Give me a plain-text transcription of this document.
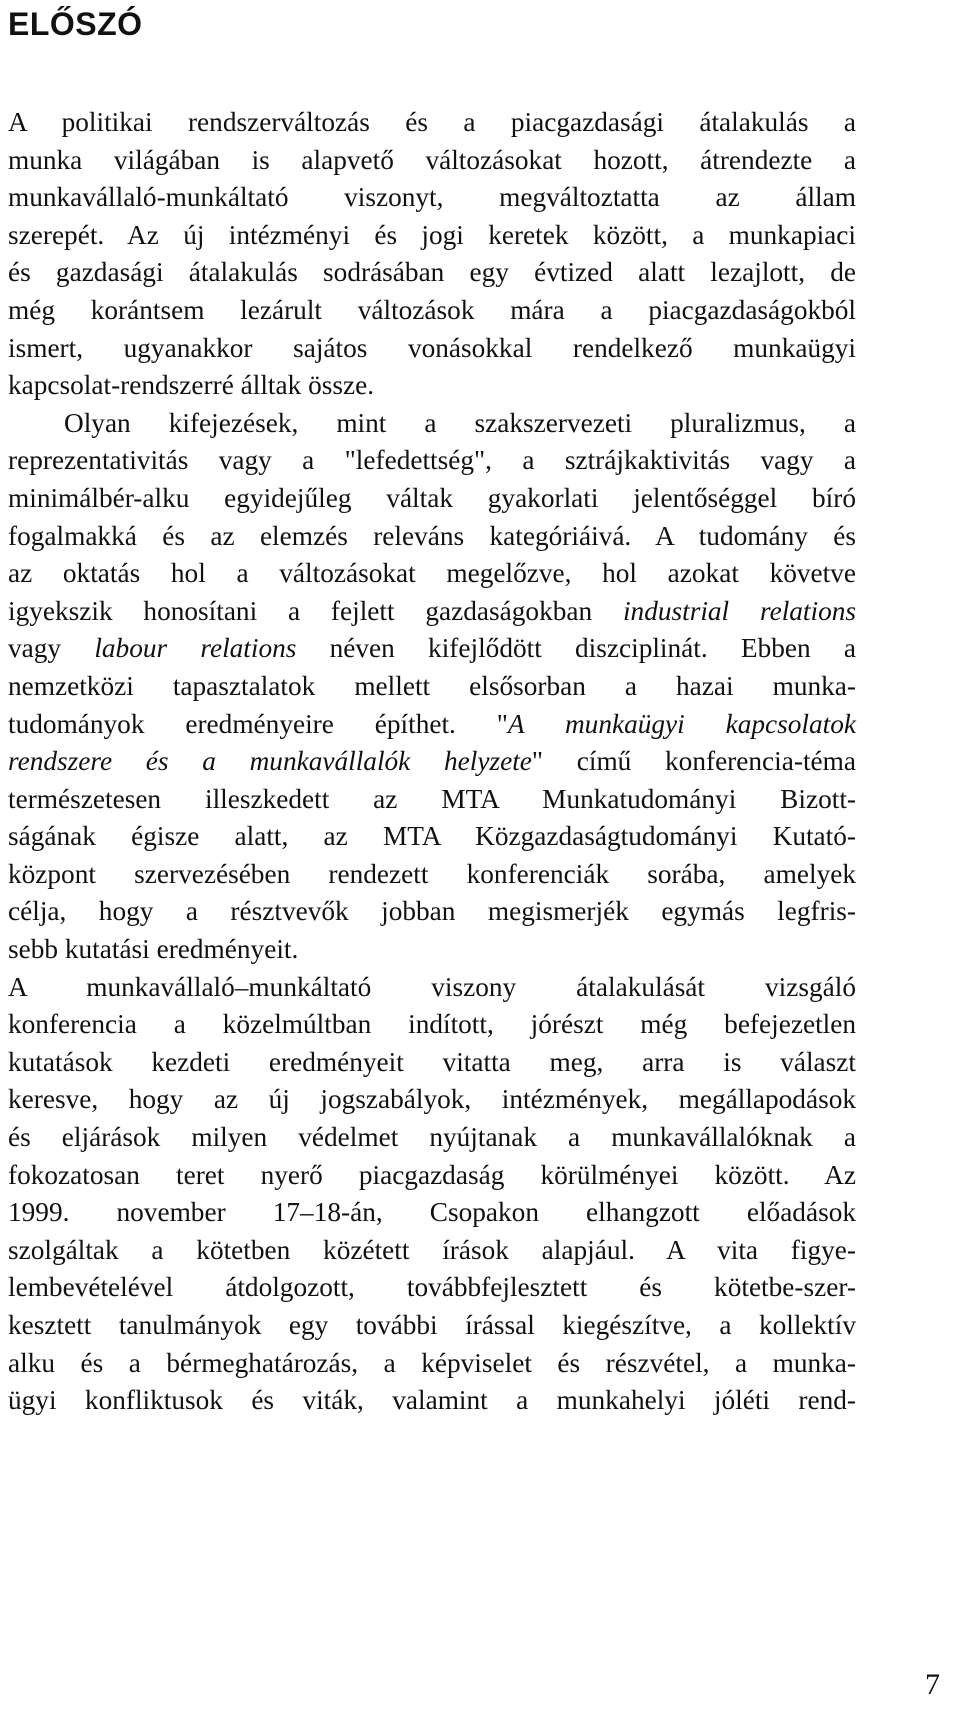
ELŐSZÓ
A politikai rendszerváltozás és a piacgazdasági átalakulás a
munka világában is alapvető változásokat hozott, átrendezte a
munkavállaló-munkáltató viszonyt, megváltoztatta az állam
szerepét. Az új intézményi és jogi keretek között, a munkapiaci
és gazdasági átalakulás sodrásában egy évtized alatt lezajlott, de
még korántsem lezárult változások mára a piacgazdaságokból
ismert, ugyanakkor sajátos vonásokkal rendelkező munkaügyi
kapcsolat-rendszerré álltak össze.
Olyan kifejezések, mint a szakszervezeti pluralizmus, a
reprezentativitás vagy a "lefedettség", a sztrájkaktivitás vagy a
minimálbér-alku egyidejűleg váltak gyakorlati jelentőséggel bíró
fogalmakká és az elemzés releváns kategóriáivá. A tudomány és
az oktatás hol a változásokat megelőzve, hol azokat követve
igyekszik honosítani a fejlett gazdaságokban industrial relations
vagy labour relations néven kifejlődött diszciplinát. Ebben a
nemzetközi tapasztalatok mellett elsősorban a hazai munka-
tudományok eredményeire építhet. "A munkaügyi kapcsolatok
rendszere és a munkavállalók helyzete" című konferencia-téma
természetesen illeszkedett az MTA Munkatudományi Bizott-
ságának égisze alatt, az MTA Közgazdaságtudományi Kutató-
központ szervezésében rendezett konferenciák sorába, amelyek
célja, hogy a résztvevők jobban megismerjék egymás legfris-
sebb kutatási eredményeit.
A munkavállaló–munkáltató viszony átalakulását vizsgáló
konferencia a közelmúltban indított, jórészt még befejezetlen
kutatások kezdeti eredményeit vitatta meg, arra is választ
keresve, hogy az új jogszabályok, intézmények, megállapodások
és eljárások milyen védelmet nyújtanak a munkavállalóknak a
fokozatosan teret nyerő piacgazdaság körülményei között. Az
1999. november 17–18-án, Csopakon elhangzott előadások
szolgáltak a kötetben közétett írások alapjául. A vita figye-
lembevételével átdolgozott, továbbfejlesztett és kötetbe-szer-
kesztett tanulmányok egy további írással kiegészítve, a kollektív
alku és a bérmeghatározás, a képviselet és részvétel, a munka-
ügyi konfliktusok és viták, valamint a munkahelyi jóléti rend-
7
